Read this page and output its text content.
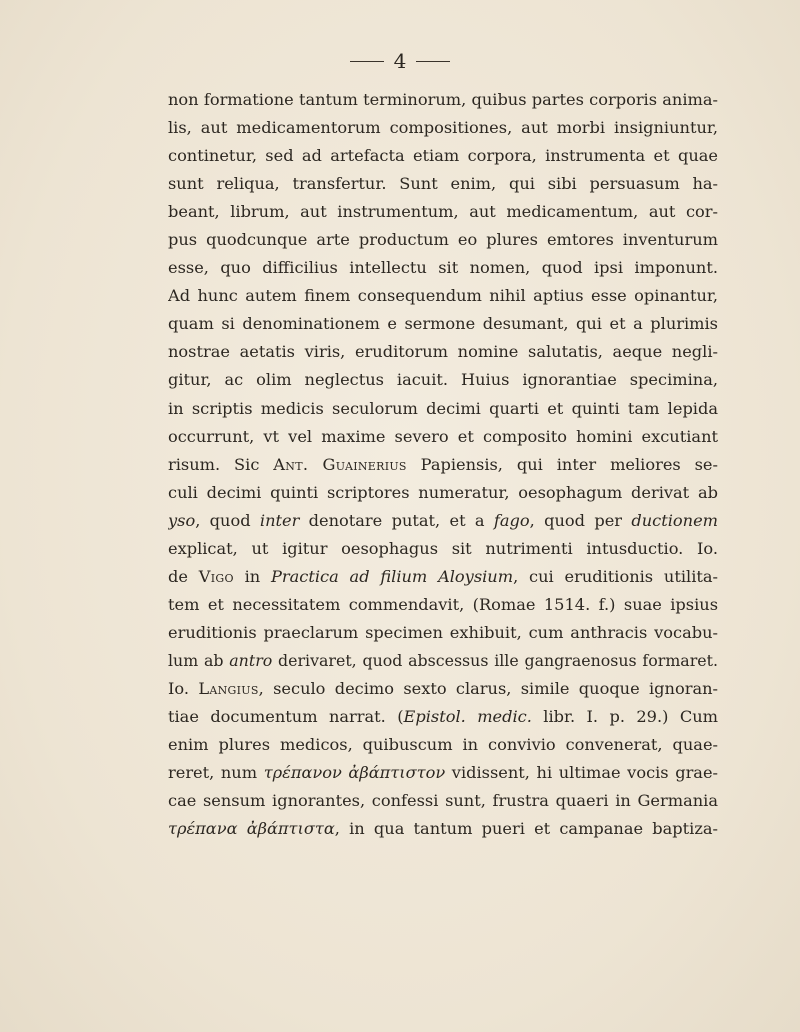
4
non formatione tantum terminorum, quibus partes corporis anima-
lis, aut medicamentorum compositiones, aut morbi insigniuntur,
continetur, sed ad artefacta etiam corpora, instrumenta et quae
sunt reliqua, transfertur. Sunt enim, qui sibi persuasum ha-
beant, librum, aut instrumentum, aut medicamentum, aut cor-
pus quodcunque arte productum eo plures emtores inventurum
esse, quo difficilius intellectu sit nomen, quod ipsi imponunt.
Ad hunc autem finem consequendum nihil aptius esse opinantur,
quam si denominationem e sermone desumant, qui et a plurimis
nostrae aetatis viris, eruditorum nomine salutatis, aeque negli-
gitur, ac olim neglectus iacuit. Huius ignorantiae specimina,
in scriptis medicis seculorum decimi quarti et quinti tam lepida
occurrunt, vt vel maxime severo et composito homini excutiant
risum. Sic Ant. Guainerius Papiensis, qui inter meliores se-
culi decimi quinti scriptores numeratur, oesophagum derivat ab
yso, quod inter denotare putat, et a fago, quod per ductionem
explicat, ut igitur oesophagus sit nutrimenti intusductio. Io.
de Vigo in Practica ad filium Aloysium, cui eruditionis utilita-
tem et necessitatem commendavit, (Romae 1514. f.) suae ipsius
eruditionis praeclarum specimen exhibuit, cum anthracis vocabu-
lum ab antro derivaret, quod abscessus ille gangraenosus formaret.
Io. Langius, seculo decimo sexto clarus, simile quoque ignoran-
tiae documentum narrat. (Epistol. medic. libr. I. p. 29.) Cum
enim plures medicos, quibuscum in convivio convenerat, quae-
reret, num τρέπανον ἀβάπτιστον vidissent, hi ultimae vocis grae-
cae sensum ignorantes, confessi sunt, frustra quaeri in Germania
τρέπανα ἀβάπτιστα, in qua tantum pueri et campanae baptiza-
